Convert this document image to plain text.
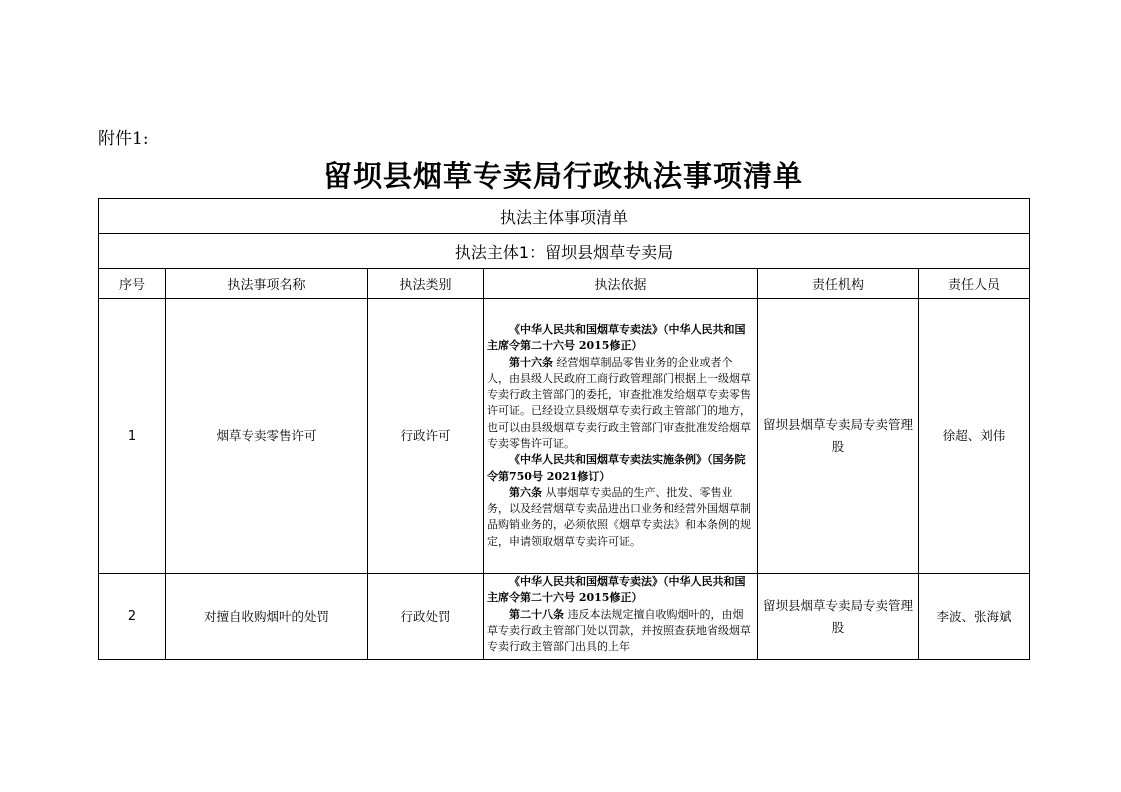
附件1:
留坝县烟草专卖局行政执法事项清单
执法主体事项清单					
执法主体1：留坝县烟草专卖局					
序号	执法事项名称	执法类别	执法依据	责任机构	责任人员
1	烟草专卖零售许可	行政许可	《中华人民共和国烟草专卖法》（中华人民共和国主席令第二十六号 2015修正）
第十六条 经营烟草制品零售业务的企业或者个人，由县级人民政府工商行政管理部门根据上一级烟草专卖行政主管部门的委托，审查批准发给烟草专卖零售许可证。已经设立县级烟草专卖行政主管部门的地方，也可以由县级烟草专卖行政主管部门审查批准发给烟草专卖零售许可证。
《中华人民共和国烟草专卖法实施条例》（国务院令第750号 2021修订）
第六条 从事烟草专卖品的生产、批发、零售业务，以及经营烟草专卖品进出口业务和经营外国烟草制品购销业务的，必须依照《烟草专卖法》和本条例的规定，申请领取烟草专卖许可证。	留坝县烟草专卖局专卖管理股	徐超、刘伟
2	对擅自收购烟叶的处罚	行政处罚	《中华人民共和国烟草专卖法》（中华人民共和国主席令第二十六号 2015修正）
第二十八条 违反本法规定擅自收购烟叶的，由烟草专卖行政主管部门处以罚款，并按照查获地省级烟草专卖行政主管部门出具的上年	留坝县烟草专卖局专卖管理股	李波、张海斌
